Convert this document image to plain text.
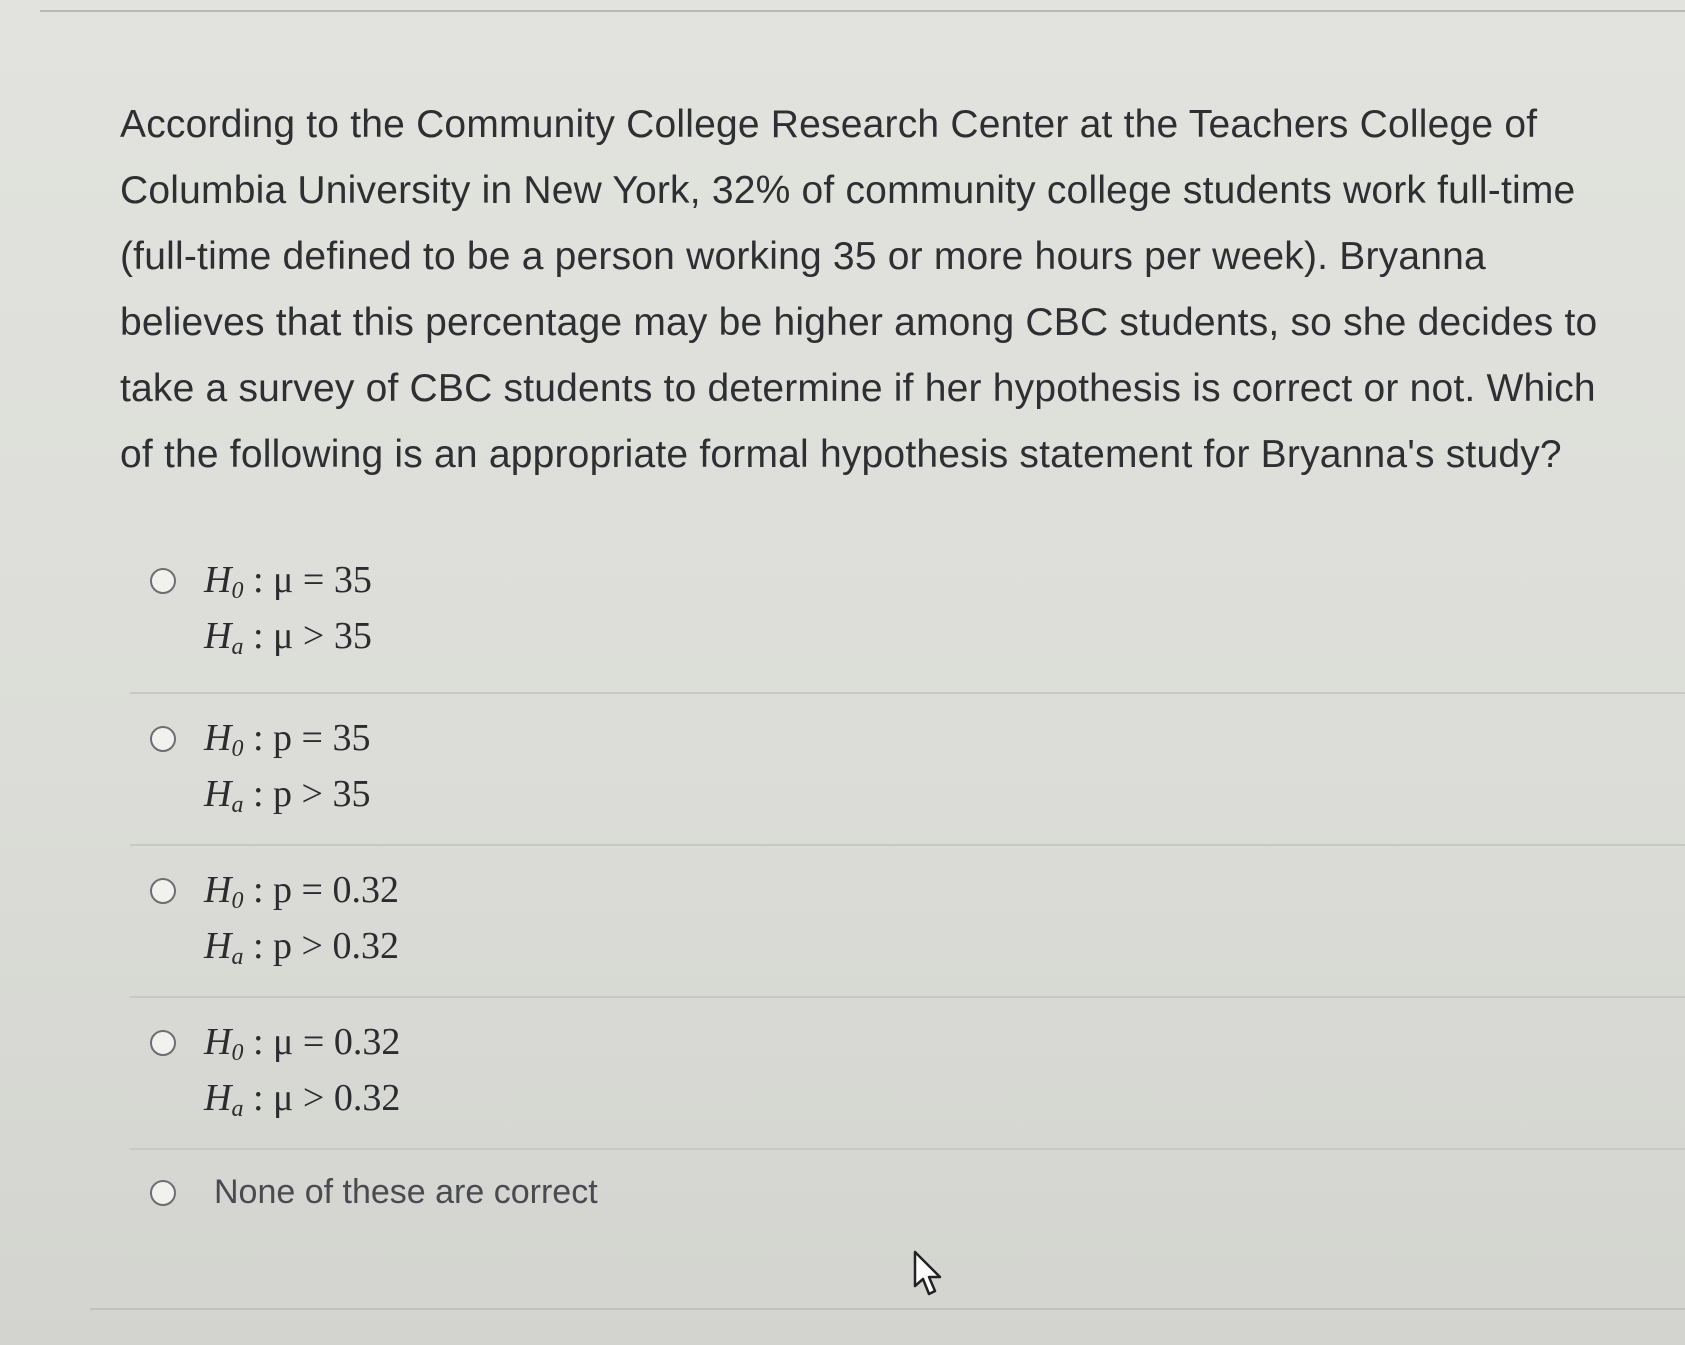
According to the Community College Research Center at the Teachers College of
Columbia University in New York, 32% of community college students work full-time
(full-time defined to be a person working 35 or more hours per week). Bryanna
believes that this percentage may be higher among CBC students, so she decides to
take a survey of CBC students to determine if her hypothesis is correct or not. Which
of the following is an appropriate formal hypothesis statement for Bryanna's study?
$H_0$ : μ = 35
$H_a$ : μ > 35
$H_0$ : p = 35
$H_a$ : p > 35
$H_0$ : p = 0.32
$H_a$ : p > 0.32
$H_0$ : μ = 0.32
$H_a$ : μ > 0.32
None of these are correct
